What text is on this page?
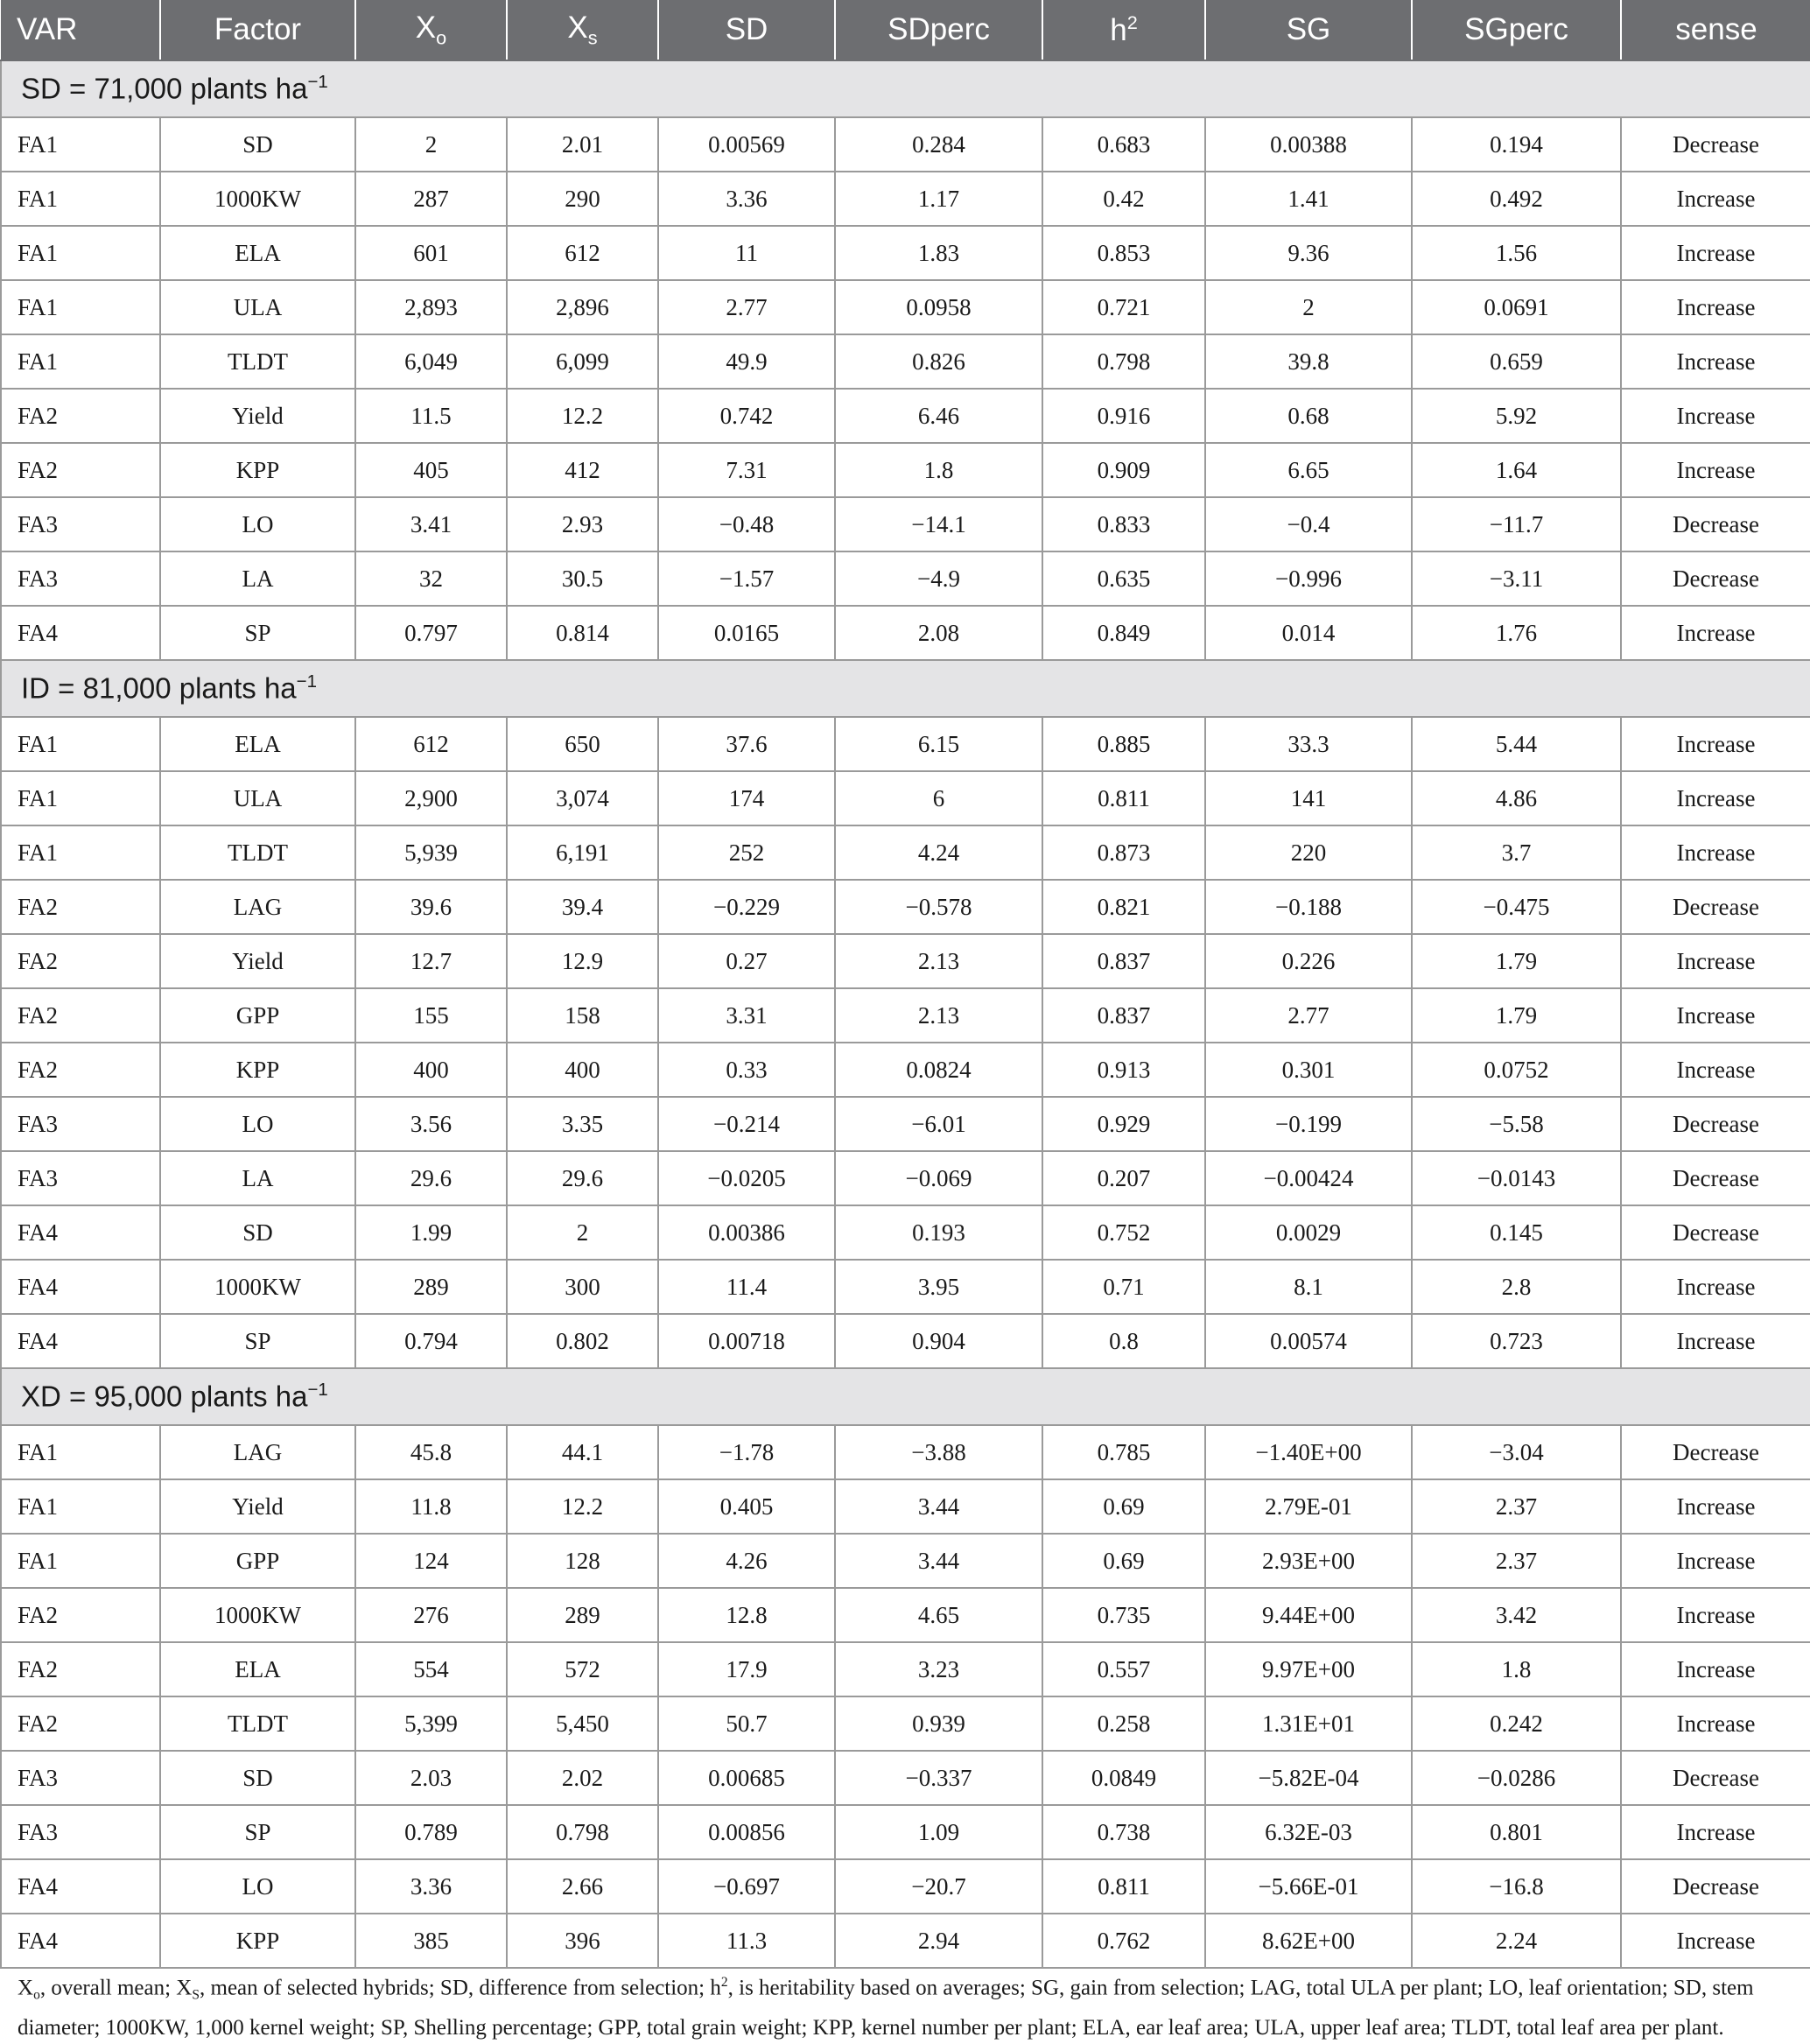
VAR	Factor	$X_o$	$X_s$	SD	SDperc	$h^2$	SG	SGperc	sense
SD = 71,000 plants $ha^{-1}$
FA1	SD	2	2.01	0.00569	0.284	0.683	0.00388	0.194	Decrease
FA1	1000KW	287	290	3.36	1.17	0.42	1.41	0.492	Increase
FA1	ELA	601	612	11	1.83	0.853	9.36	1.56	Increase
FA1	ULA	2,893	2,896	2.77	0.0958	0.721	2	0.0691	Increase
FA1	TLDT	6,049	6,099	49.9	0.826	0.798	39.8	0.659	Increase
FA2	Yield	11.5	12.2	0.742	6.46	0.916	0.68	5.92	Increase
FA2	KPP	405	412	7.31	1.8	0.909	6.65	1.64	Increase
FA3	LO	3.41	2.93	−0.48	−14.1	0.833	−0.4	−11.7	Decrease
FA3	LA	32	30.5	−1.57	−4.9	0.635	−0.996	−3.11	Decrease
FA4	SP	0.797	0.814	0.0165	2.08	0.849	0.014	1.76	Increase
ID = 81,000 plants $ha^{-1}$
FA1	ELA	612	650	37.6	6.15	0.885	33.3	5.44	Increase
FA1	ULA	2,900	3,074	174	6	0.811	141	4.86	Increase
FA1	TLDT	5,939	6,191	252	4.24	0.873	220	3.7	Increase
FA2	LAG	39.6	39.4	−0.229	−0.578	0.821	−0.188	−0.475	Decrease
FA2	Yield	12.7	12.9	0.27	2.13	0.837	0.226	1.79	Increase
FA2	GPP	155	158	3.31	2.13	0.837	2.77	1.79	Increase
FA2	KPP	400	400	0.33	0.0824	0.913	0.301	0.0752	Increase
FA3	LO	3.56	3.35	−0.214	−6.01	0.929	−0.199	−5.58	Decrease
FA3	LA	29.6	29.6	−0.0205	−0.069	0.207	−0.00424	−0.0143	Decrease
FA4	SD	1.99	2	0.00386	0.193	0.752	0.0029	0.145	Decrease
FA4	1000KW	289	300	11.4	3.95	0.71	8.1	2.8	Increase
FA4	SP	0.794	0.802	0.00718	0.904	0.8	0.00574	0.723	Increase
XD = 95,000 plants $ha^{-1}$
FA1	LAG	45.8	44.1	−1.78	−3.88	0.785	−1.40E+00	−3.04	Decrease
FA1	Yield	11.8	12.2	0.405	3.44	0.69	2.79E-01	2.37	Increase
FA1	GPP	124	128	4.26	3.44	0.69	2.93E+00	2.37	Increase
FA2	1000KW	276	289	12.8	4.65	0.735	9.44E+00	3.42	Increase
FA2	ELA	554	572	17.9	3.23	0.557	9.97E+00	1.8	Increase
FA2	TLDT	5,399	5,450	50.7	0.939	0.258	1.31E+01	0.242	Increase
FA3	SD	2.03	2.02	0.00685	−0.337	0.0849	−5.82E-04	−0.0286	Decrease
FA3	SP	0.789	0.798	0.00856	1.09	0.738	6.32E-03	0.801	Increase
FA4	LO	3.36	2.66	−0.697	−20.7	0.811	−5.66E-01	−16.8	Decrease
FA4	KPP	385	396	11.3	2.94	0.762	8.62E+00	2.24	Increase
$X_o$, overall mean; $X_S$, mean of selected hybrids; SD, difference from selection; $h^2$, is heritability based on averages; SG, gain from selection; LAG, total ULA per plant; LO, leaf orientation; SD, stem diameter; 1000KW, 1,000 kernel weight; SP, Shelling percentage; GPP, total grain weight; KPP, kernel number per plant; ELA, ear leaf area; ULA, upper leaf area; TLDT, total leaf area per plant.
